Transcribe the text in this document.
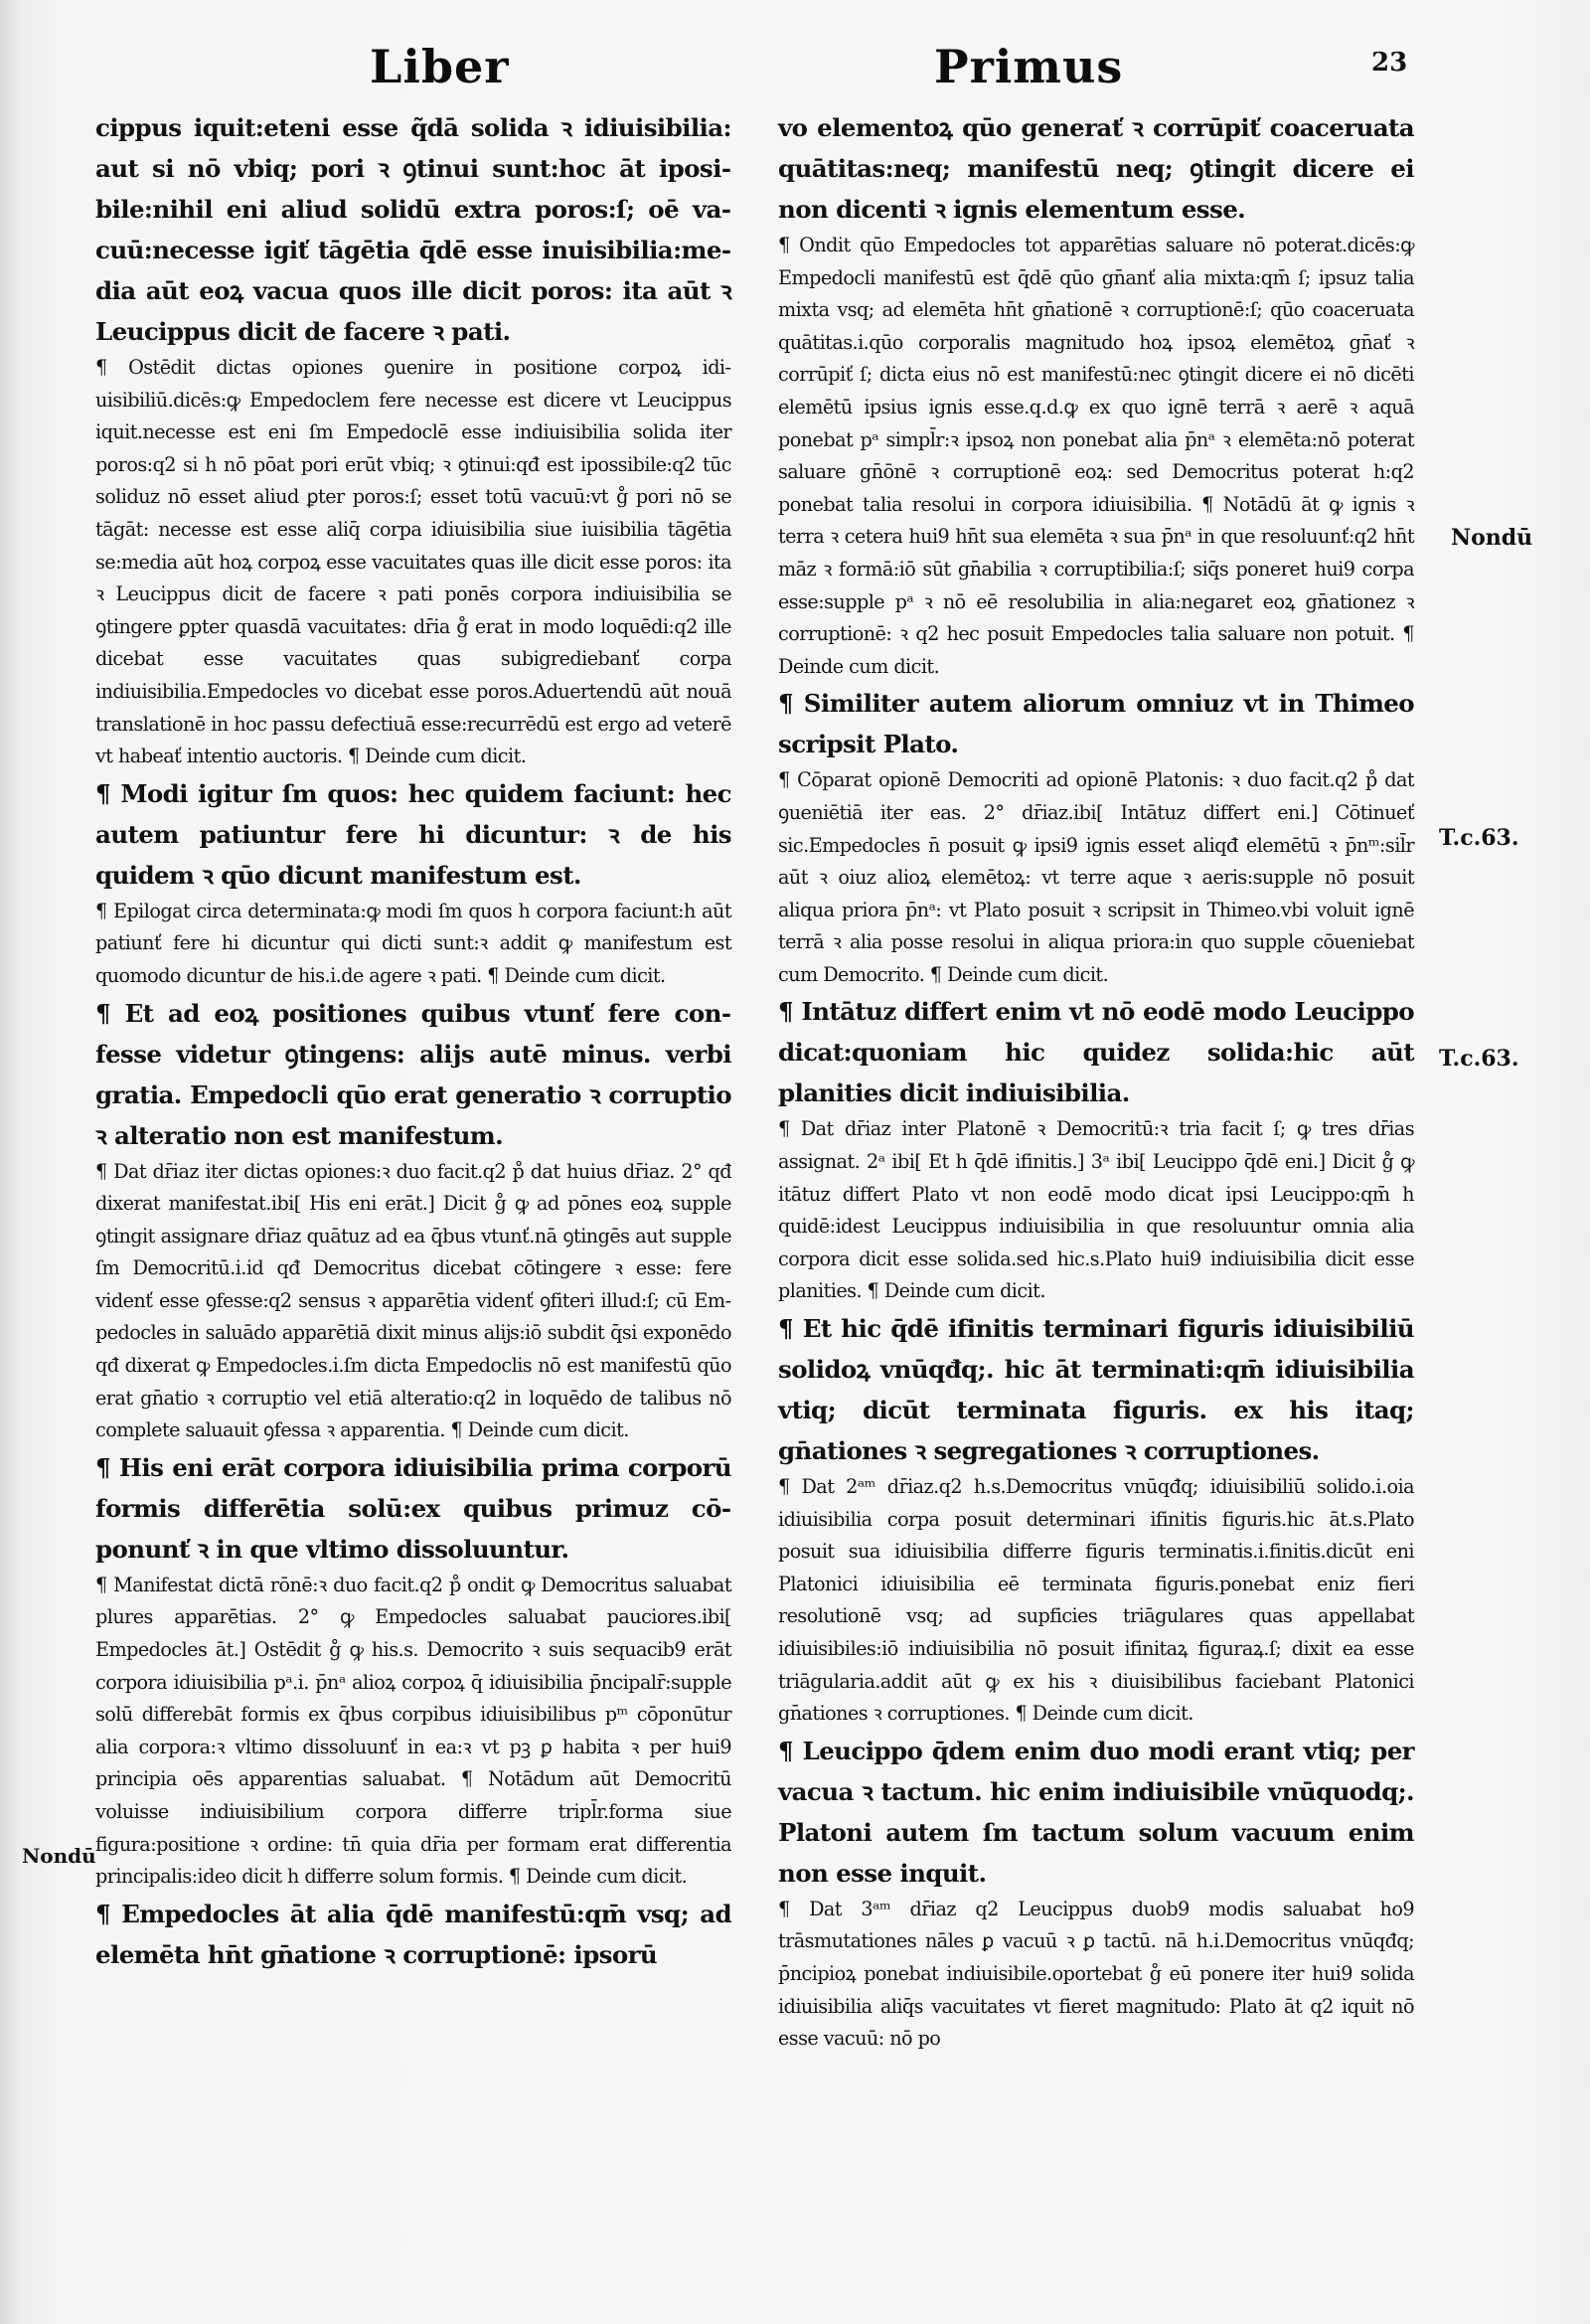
Liber	Primus	23

cippus iquit:eteni esse q̃dā solida ꝛ idiuisibilia: aut si nō vbiq; pori ꝛ ꝯtinui sunt:hoc āt iposibile:nihil eni aliud solidū extra poros:ſ; oē vacuū:necesse igiť tāgētia q̄dē esse inuisibilia:media aūt eoꝝ vacua quos ille dicit poros: ita aūt ꝛ Leucippus dicit de facere ꝛ pati.

¶ Ostēdit dictas opiones ꝯuenire in positione corpoꝝ idiuisibiliū.dicēs:ꝙ Empedoclem fere necesse est dicere vt Leucippus iquit.necesse est eni ſm Empedoclē esse indiuisibilia solida iter poros:q2 si h nō pōat pori erūt vbiq; ꝛ ꝯtinui:qđ est ipossibile:q2 tūc soliduz nō esset aliud ꝑter poros:ſ; esset totū vacuū:vt g̊ pori nō se tāgāt: necesse est esse aliq̄ corpa idiuisibilia siue iuisibilia tāgētia se:media aūt hoꝝ corpoꝝ esse vacuitates quas ille dicit esse poros: ita ꝛ Leucippus dicit de facere ꝛ pati ponēs corpora indiuisibilia se ꝯtingere ꝑpter quasdā vacuitates: dr̄ia g̊ erat in modo loquēdi:q2 ille dicebat esse vacuitates quas subigrediebanť corpa indiuisibilia.Empedocles vo dicebat esse poros.Aduertendū aūt nouā translationē in hoc passu defectiuā esse:recurrēdū est ergo ad veterē vt habeať intentio auctoris. ¶ Deinde cum dicit.

¶ Modi igitur ſm quos: hec quidem faciunt: hec autem patiuntur fere hi dicuntur: ꝛ de his quidem ꝛ qūo dicunt manifestum est.

¶ Epilogat circa determinata:ꝙ modi ſm quos h corpora faciunt:h aūt patiunť fere hi dicuntur qui dicti sunt:ꝛ addit ꝙ manifestum est quomodo dicuntur de his.i.de agere ꝛ pati. ¶ Deinde cum dicit.

¶ Et ad eoꝝ positiones quibus vtunť fere confesse videtur ꝯtingens: alĳs autē minus. verbi gratia. Empedocli qūo erat generatio ꝛ corruptio ꝛ alteratio non est manifestum.

¶ Dat dr̄iaz iter dictas opiones:ꝛ duo facit.q2 p̊ dat huius dr̄iaz. 2° qđ dixerat manifestat.ibi[ His eni erāt.] Dicit g̊ ꝙ ad pōnes eoꝝ supple ꝯtingit assignare dr̄iaz quātuz ad ea q̄bus vtunť.nā ꝯtingēs aut supple ſm Democritū.i.id qđ Democritus dicebat cōtingere ꝛ esse: fere videnť esse ꝯfesse:q2 sensus ꝛ apparētia videnť ꝯfiteri illud:ſ; cū Empedocles in saluādo apparētiā dixit minus alĳs:iō subdit q̄si exponēdo qđ dixerat ꝙ Empedocles.i.ſm dicta Empedoclis nō est manifestū qūo erat gn̄atio ꝛ corruptio vel etiā alteratio:q2 in loquēdo de talibus nō complete saluauit ꝯfessa ꝛ apparentia. ¶ Deinde cum dicit.

¶ His eni erāt corpora idiuisibilia prima corporū formis differētia solū:ex quibus primuz cōponunť ꝛ in que vltimo dissoluuntur.

¶ Manifestat dictā rōnē:ꝛ duo facit.q2 p̊ ondit ꝙ Democritus saluabat plures apparētias. 2° ꝙ Empedocles saluabat pauciores.ibi[ Empedocles āt.] Ostēdit g̊ ꝙ his.s. Democrito ꝛ suis sequacib9 erāt corpora idiuisibilia pᵃ.i. p̄nᵃ alioꝝ corpoꝝ q̄ idiuisibilia p̄ncipalr̄:supple solū differebāt formis ex q̄bus corpibus idiuisibilibus pᵐ cōponūtur alia corpora:ꝛ vltimo dissoluunť in ea:ꝛ vt pꝫ ꝑ habita ꝛ per hui9 principia oēs apparentias saluabat. ¶ Notādum aūt Democritū voluisse indiuisibilium corpora differre tripl̄r.forma siue figura:positione ꝛ ordine: tn̄ quia dr̄ia per formam erat differentia principalis:ideo dicit h differre solum formis. ¶ Deinde cum dicit.

¶ Empedocles āt alia q̄dē manifestū:qm̄ vsq; ad elemēta hn̄t gn̄atione ꝛ corruptionē: ipsorū

vo elementoꝝ qūo generať ꝛ corrūpiť coaceruata quātitas:neq; manifestū neq; ꝯtingit dicere ei non dicenti ꝛ ignis elementum esse.

¶ Ondit qūo Empedocles tot apparētias saluare nō poterat.dicēs:ꝙ Empedocli manifestū est q̄dē qūo gn̄anť alia mixta:qm̄ ſ; ipsuz talia mixta vsq; ad elemēta hn̄t gn̄ationē ꝛ corruptionē:ſ; qūo coaceruata quātitas.i.qūo corporalis magnitudo hoꝝ ipsoꝝ elemētoꝝ gn̄ať ꝛ corrūpiť ſ; dicta eius nō est manifestū:nec ꝯtingit dicere ei nō dicēti elemētū ipsius ignis esse.q.d.ꝙ ex quo ignē terrā ꝛ aerē ꝛ aquā ponebat pᵃ simpl̄r:ꝛ ipsoꝝ non ponebat alia p̄nᵃ ꝛ elemēta:nō poterat saluare gn̄ōnē ꝛ corruptionē eoꝝ: sed Democritus poterat h:q2 ponebat talia resolui in corpora idiuisibilia. ¶ Notādū āt ꝙ ignis ꝛ terra ꝛ cetera hui9 hn̄t sua elemēta ꝛ sua p̄nᵃ in que resoluunť:q2 hn̄t māz ꝛ formā:iō sūt gn̄abilia ꝛ corruptibilia:ſ; siq̄s poneret hui9 corpa esse:supple pᵃ ꝛ nō eē resolubilia in alia:negaret eoꝝ gn̄ationez ꝛ corruptionē: ꝛ q2 hec posuit Empedocles talia saluare non potuit. ¶ Deinde cum dicit.

¶ Similiter autem aliorum omniuz vt in Thimeo scripsit Plato.

¶ Cōparat opionē Democriti ad opionē Platonis: ꝛ duo facit.q2 p̊ dat ꝯueniētiā iter eas. 2° dr̄iaz.ibi[ Intātuz differt eni.] Cōtinueť sic.Empedocles n̄ posuit ꝙ ipsi9 ignis esset aliqđ elemētū ꝛ p̄nᵐ:sil̄r aūt ꝛ oiuz alioꝝ elemētoꝝ: vt terre aque ꝛ aeris:supple nō posuit aliqua priora p̄nᵃ: vt Plato posuit ꝛ scripsit in Thimeo.vbi voluit ignē terrā ꝛ alia posse resolui in aliqua priora:in quo supple cōueniebat cum Democrito. ¶ Deinde cum dicit.

¶ Intātuz differt enim vt nō eodē modo Leucippo dicat:quoniam hic quidez solida:hic aūt planities dicit indiuisibilia.

¶ Dat dr̄iaz inter Platonē ꝛ Democritū:ꝛ tria facit ſ; ꝙ tres dr̄ias assignat. 2ᵃ ibi[ Et h q̄dē ifinitis.] 3ᵃ ibi[ Leucippo q̄dē eni.] Dicit g̊ ꝙ itātuz differt Plato vt non eodē modo dicat ipsi Leucippo:qm̄ h quidē:idest Leucippus indiuisibilia in que resoluuntur omnia alia corpora dicit esse solida.sed hic.s.Plato hui9 indiuisibilia dicit esse planities. ¶ Deinde cum dicit.

¶ Et hic q̄dē ifinitis terminari figuris idiuisibiliū solidoꝝ vnūqđq;. hic āt terminati:qm̄ idiuisibilia vtiq; dicūt terminata figuris. ex his itaq; gn̄ationes ꝛ segregationes ꝛ corruptiones.

¶ Dat 2ᵃᵐ dr̄iaz.q2 h.s.Democritus vnūqđq; idiuisibiliū solido.i.oia idiuisibilia corpa posuit determinari ifinitis figuris.hic āt.s.Plato posuit sua idiuisibilia differre figuris terminatis.i.finitis.dicūt eni Platonici idiuisibilia eē terminata figuris.ponebat eniz fieri resolutionē vsq; ad supficies triāgulares quas appellabat idiuisibiles:iō indiuisibilia nō posuit ifinitaꝝ figuraꝝ.ſ; dixit ea esse triāgularia.addit aūt ꝙ ex his ꝛ diuisibilibus faciebant Platonici gn̄ationes ꝛ corruptiones. ¶ Deinde cum dicit.

¶ Leucippo q̄dem enim duo modi erant vtiq; per vacua ꝛ tactum. hic enim indiuisibile vnūquodq;. Platoni autem ſm tactum solum vacuum enim non esse inquit.

¶ Dat 3ᵃᵐ dr̄iaz q2 Leucippus duob9 modis saluabat ho9 trāsmutationes nāles ꝑ vacuū ꝛ ꝑ tactū. nā h.i.Democritus vnūqđq; p̄ncipioꝝ ponebat indiuisibile.oportebat g̊ eū ponere iter hui9 solida idiuisibilia aliq̄s vacuitates vt fieret magnitudo: Plato āt q2 iquit nō esse vacuū: nō po

Nondū
T.c.63.
T.c.63.
Nondū
